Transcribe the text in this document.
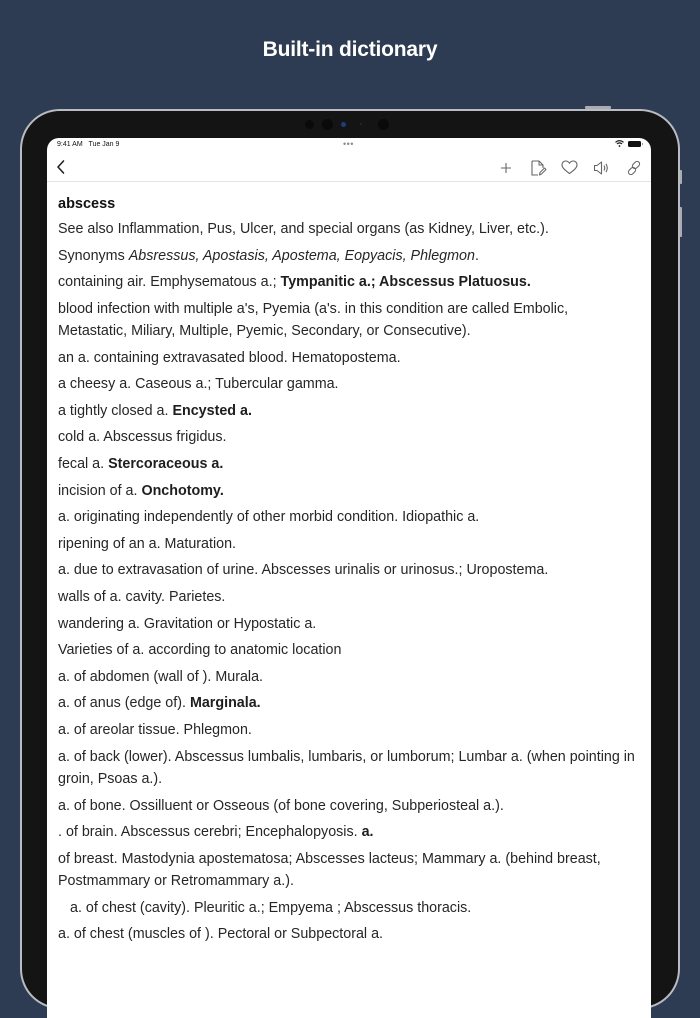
Built-in dictionary
9:41 AM Tue Jan 9	•••
abscess
See also Inflammation, Pus, Ulcer, and special organs (as Kidney, Liver, etc.).
Synonyms Absressus, Apostasis, Apostema, Eopyacis, Phlegmon.
containing air. Emphysematous a.; Tympanitic a.; Abscessus Platuosus.
blood infection with multiple a's, Pyemia (a's. in this condition are called Embolic, Metastatic, Miliary, Multiple, Pyemic, Secondary, or Consecutive).
an a. containing extravasated blood. Hematopostema.
a cheesy a. Caseous a.; Tubercular gamma.
a tightly closed a. Encysted a.
cold a. Abscessus frigidus.
fecal a. Stercoraceous a.
incision of a. Onchotomy.
a. originating independently of other morbid condition. Idiopathic a.
ripening of an a. Maturation.
a. due to extravasation of urine. Abscesses urinalis or urinosus.; Uropostema.
walls of a. cavity. Parietes.
wandering a. Gravitation or Hypostatic a.
Varieties of a. according to anatomic location
a. of abdomen (wall of ). Murala.
a. of anus (edge of). Marginala.
a. of areolar tissue. Phlegmon.
a. of back (lower). Abscessus lumbalis, lumbaris, or lumborum; Lumbar a. (when pointing in groin, Psoas a.).
a. of bone. Ossilluent or Osseous (of bone covering, Subperiosteal a.).
. of brain. Abscessus cerebri; Encephalopyosis. a.
of breast. Mastodynia apostematosa; Abscesses lacteus; Mammary a. (behind breast, Postmammary or Retromammary a.).
a. of chest (cavity). Pleuritic a.; Empyema ; Abscessus thoracis.
a. of chest (muscles of ). Pectoral or Subpectoral a.
